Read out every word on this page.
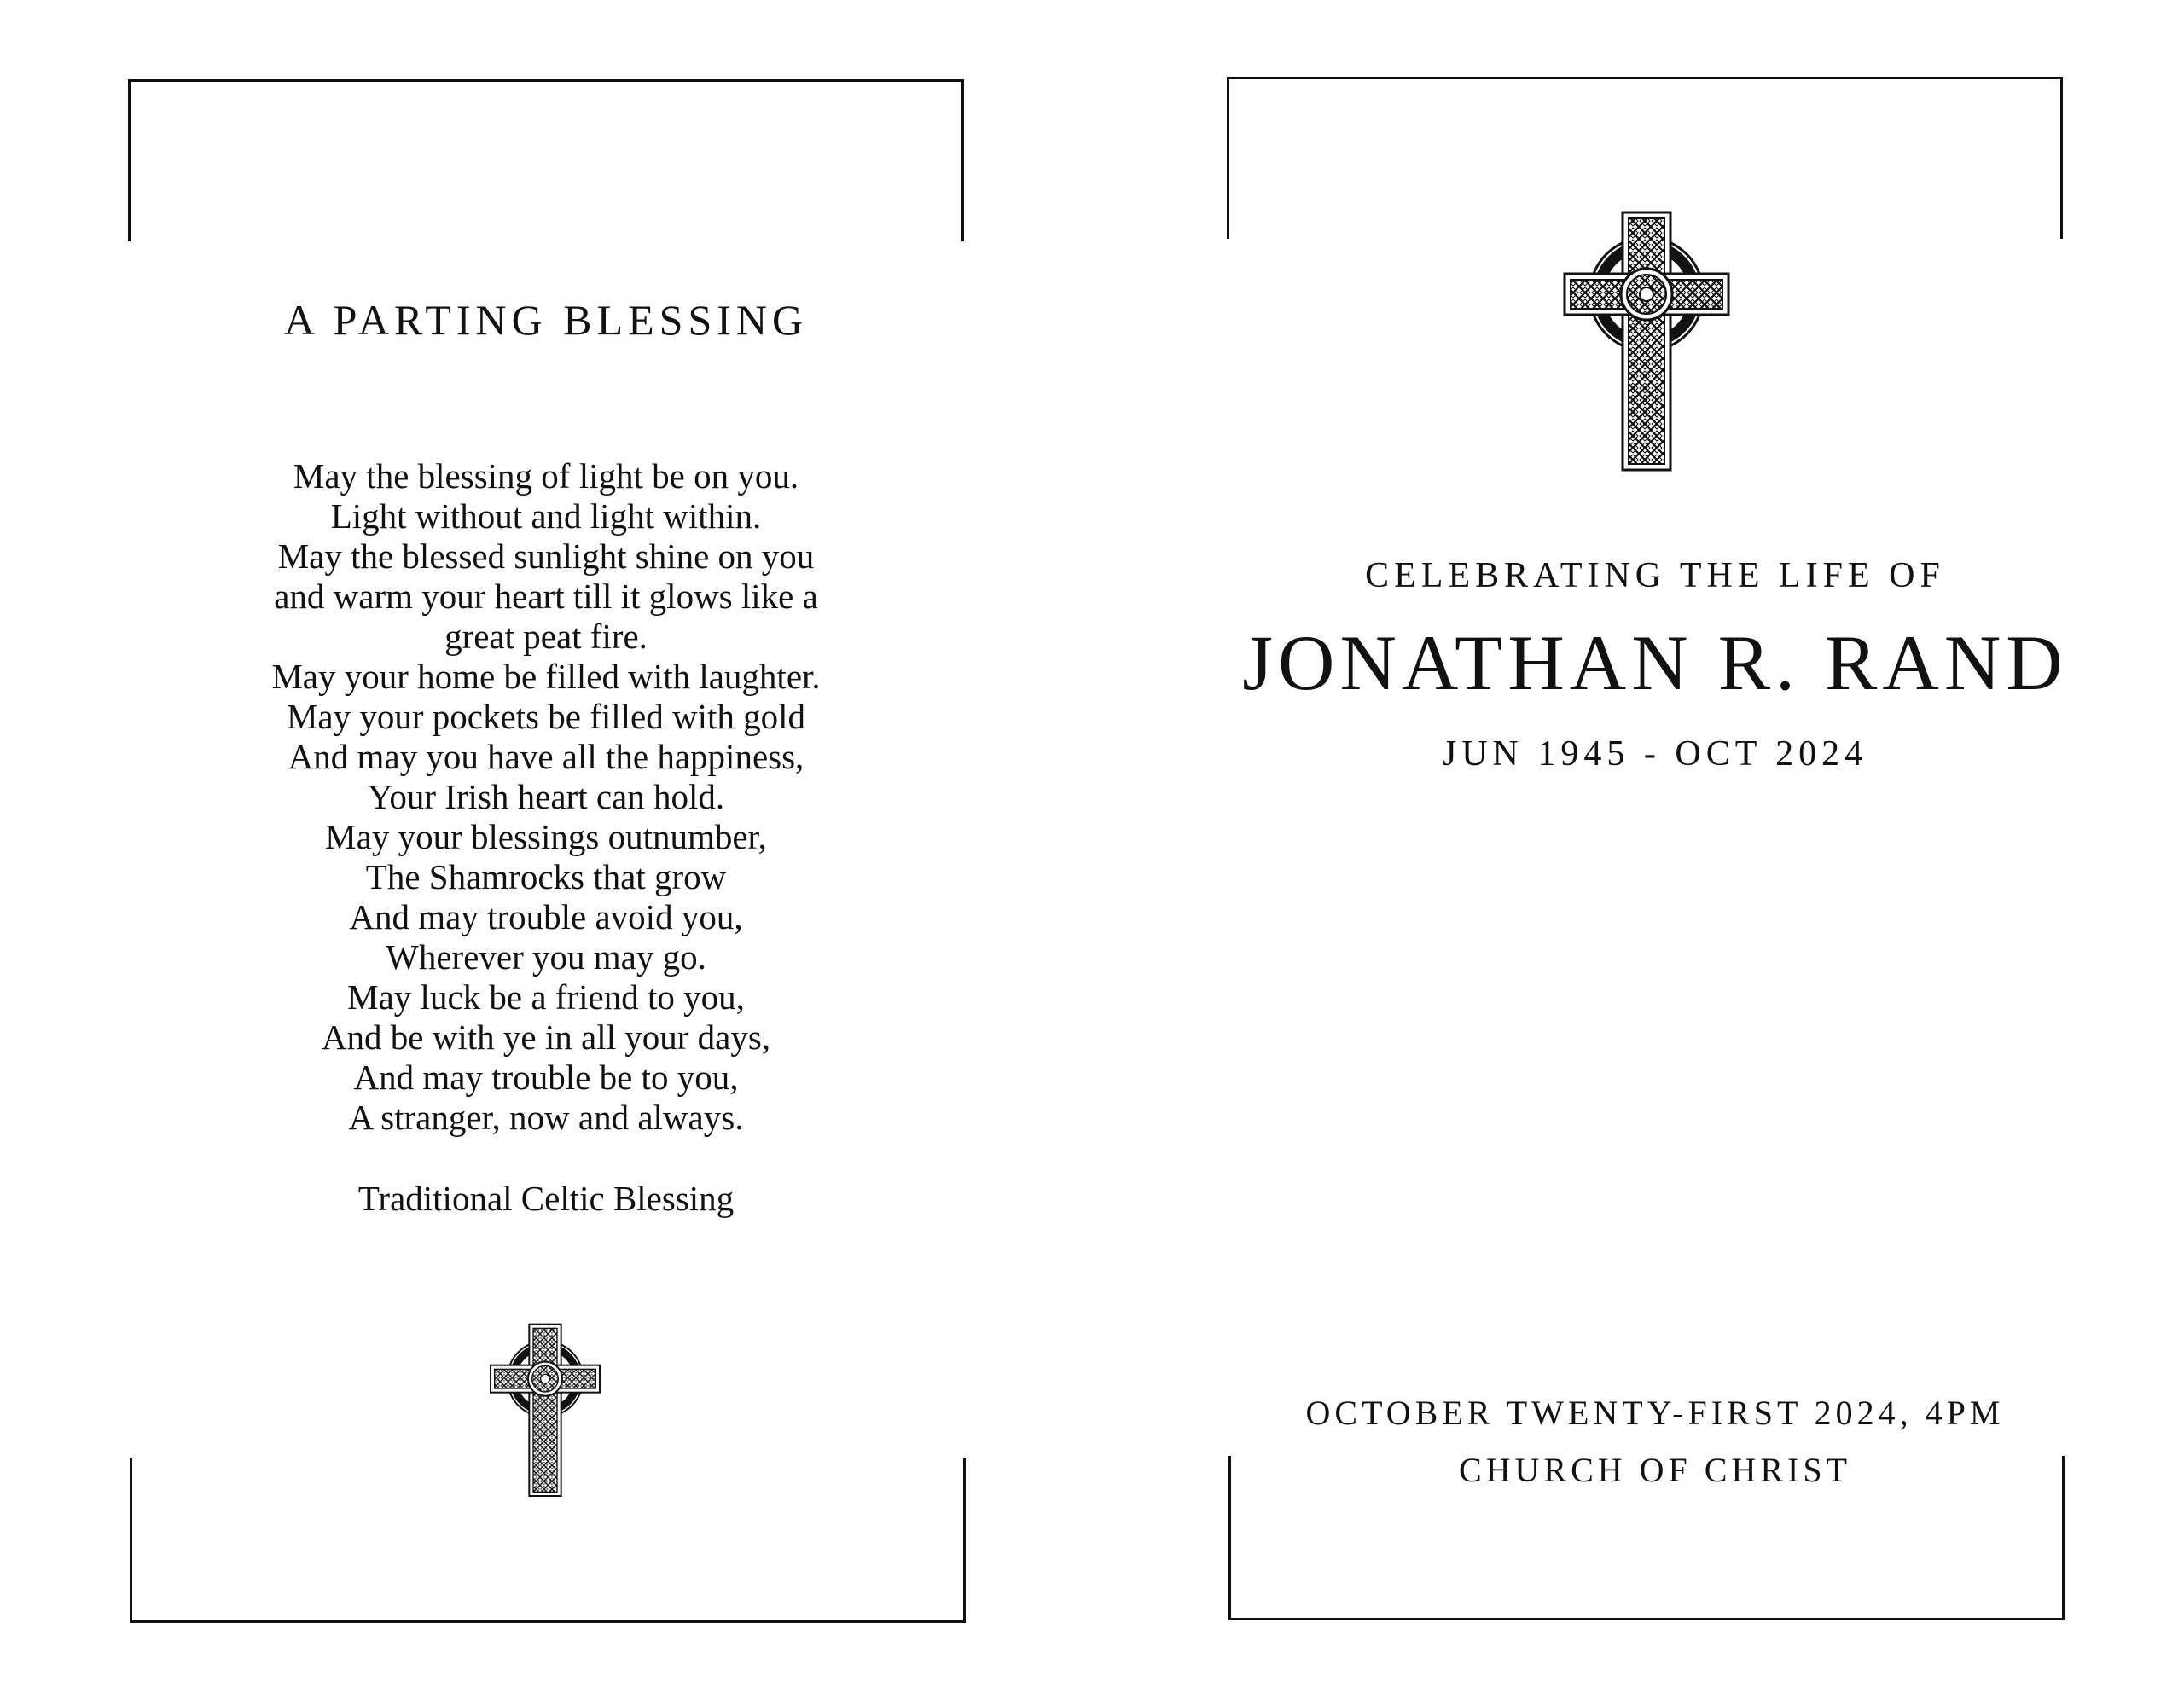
A PARTING BLESSING
May the blessing of light be on you.
Light without and light within.
May the blessed sunlight shine on you
and warm your heart till it glows like a
great peat fire.
May your home be filled with laughter.
May your pockets be filled with gold
And may you have all the happiness,
Your Irish heart can hold.
May your blessings outnumber,
The Shamrocks that grow
And may trouble avoid you,
Wherever you may go.
May luck be a friend to you,
And be with ye in all your days,
And may trouble be to you,
A stranger, now and always.
Traditional Celtic Blessing
CELEBRATING THE LIFE OF
JONATHAN R. RAND
JUN 1945 - OCT 2024
OCTOBER TWENTY-FIRST 2024, 4PM
CHURCH OF CHRIST
